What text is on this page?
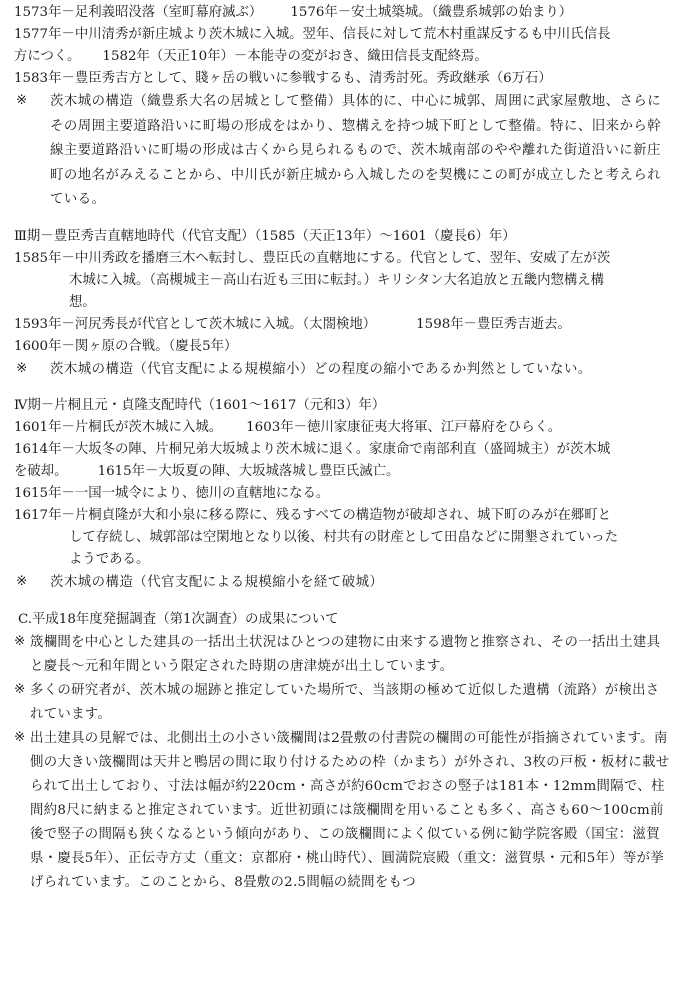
1573年－足利義昭没落（室町幕府滅ぶ） 1576年－安土城築城。（織豊系城郭の始まり）
1577年－中川清秀が新庄城より茨木城に入城。翌年、信長に対して荒木村重謀反するも中川氏信長
方につく。 1582年（天正10年）－本能寺の変がおき、織田信長支配終焉。
1583年－豊臣秀吉方として、賤ヶ岳の戦いに参戦するも、清秀討死。秀政継承（6万石）
※	茨木城の構造（織豊系大名の居城として整備）具体的に、中心に城郭、周囲に武家屋敷地、さらにその周囲主要道路沿いに町場の形成をはかり、惣構えを持つ城下町として整備。特に、旧来から幹線主要道路沿いに町場の形成は古くから見られるもので、茨木城南部のやや離れた街道沿いに新庄町の地名がみえることから、中川氏が新庄城から入城したのを契機にこの町が成立したと考えられている。
Ⅲ期－豊臣秀吉直轄地時代（代官支配）（1585（天正13年）～1601（慶長6）年）
1585年－中川秀政を播磨三木へ転封し、豊臣氏の直轄地にする。代官として、翌年、安威了左が茨
木城に入城。（高槻城主－高山右近も三田に転封。）キリシタン大名追放と五畿内惣構え構
想。
1593年－河尻秀長が代官として茨木城に入城。（太閤検地）	1598年－豊臣秀吉逝去。
1600年－関ヶ原の合戦。（慶長5年）
※	茨木城の構造（代官支配による規模縮小）どの程度の縮小であるか判然としていない。
Ⅳ期－片桐且元・貞隆支配時代（1601～1617（元和3）年）
1601年－片桐氏が茨木城に入城。 1603年－徳川家康征夷大将軍、江戸幕府をひらく。
1614年－大坂冬の陣、片桐兄弟大坂城より茨木城に退く。家康命で南部利直（盛岡城主）が茨木城
を破却。 1615年－大坂夏の陣、大坂城落城し豊臣氏滅亡。
1615年－一国一城令により、徳川の直轄地になる。
1617年－片桐貞隆が大和小泉に移る際に、残るすべての構造物が破却され、城下町のみが在郷町と
して存続し、城郭部は空閑地となり以後、村共有の財産として田畠などに開墾されていった
ようである。
※	茨木城の構造（代官支配による規模縮小を経て破城）
C.平成18年度発掘調査（第1次調査）の成果について
※ 筬欄間を中心とした建具の一括出土状況はひとつの建物に由来する遺物と推察され、その一括出土建具と慶長～元和年間という限定された時期の唐津焼が出土しています。
※ 多くの研究者が、茨木城の堀跡と推定していた場所で、当該期の極めて近似した遺構（流路）が検出されています。
※ 出土建具の見解では、北側出土の小さい筬欄間は2畳敷の付書院の欄間の可能性が指摘されています。南側の大きい筬欄間は天井と鴨居の間に取り付けるための枠（かまち）が外され、3枚の戸板・板材に載せられて出土しており、寸法は幅が約220cm・高さが約60cmでおさの竪子は181本・12mm間隔で、柱間約8尺に納まると推定されています。近世初頭には筬欄間を用いることも多く、高さも60～100cm前後で竪子の間隔も狭くなるという傾向があり、この筬欄間によく似ている例に勧学院客殿（国宝：滋賀県・慶長5年）、正伝寺方丈（重文：京都府・桃山時代）、圓満院宸殿（重文：滋賀県・元和5年）等が挙げられています。このことから、8畳敷の2.5間幅の続間をもつ
